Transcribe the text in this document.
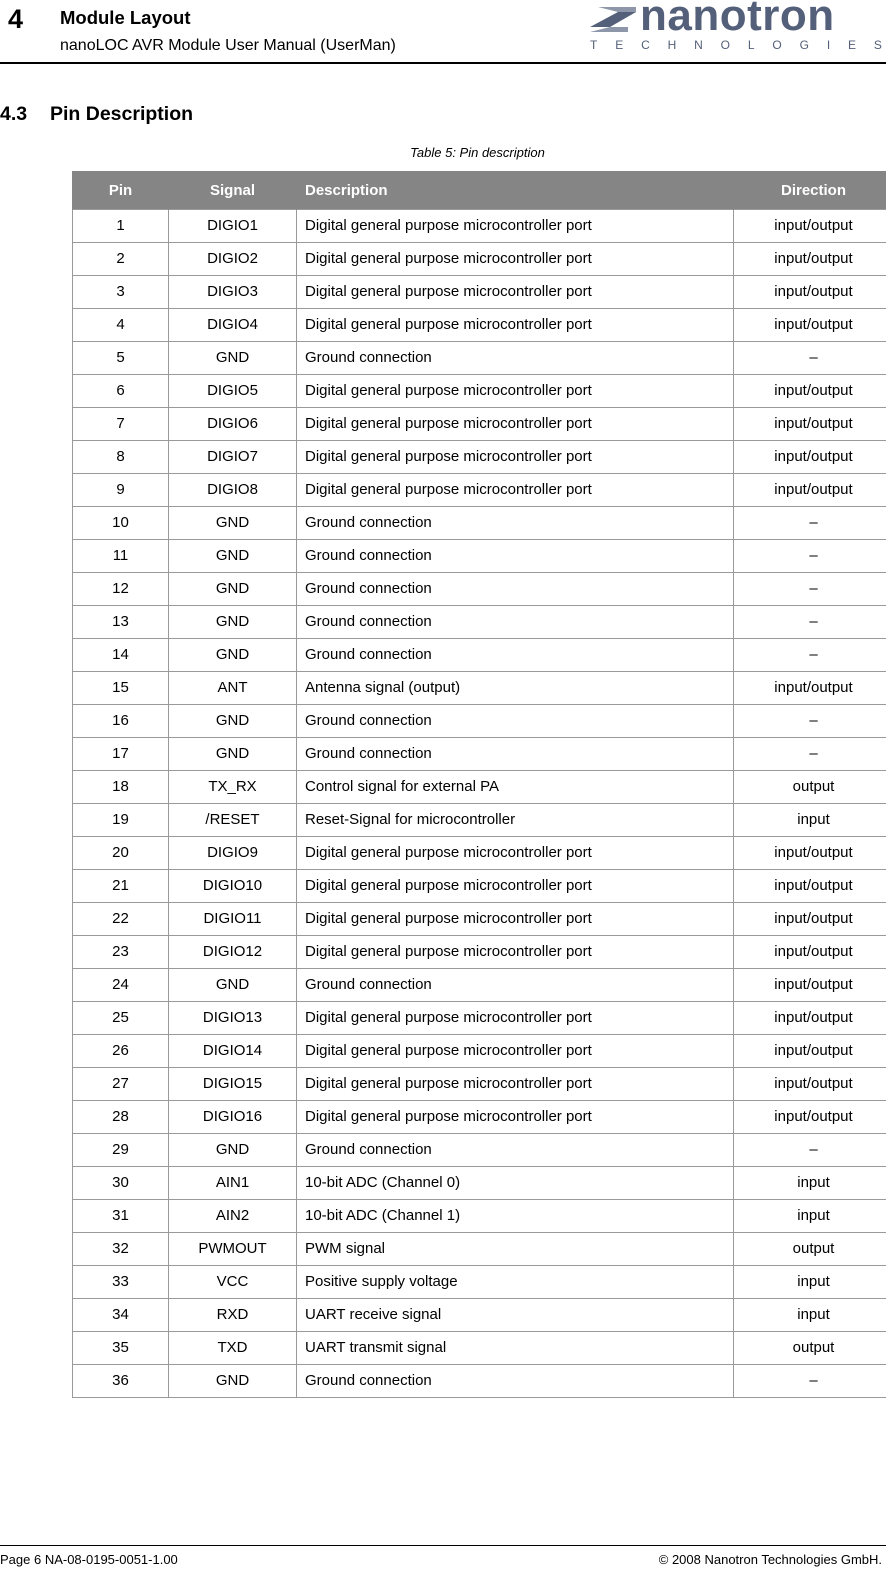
4 Module Layout
nanoLOC AVR Module User Manual (UserMan)
nanotron
T E C H N O L O G I E S
4.3 Pin Description
Table 5: Pin description
Pin	Signal	Description	Direction
1	DIGIO1	Digital general purpose microcontroller port	input/output
2	DIGIO2	Digital general purpose microcontroller port	input/output
3	DIGIO3	Digital general purpose microcontroller port	input/output
4	DIGIO4	Digital general purpose microcontroller port	input/output
5	GND	Ground connection	–
6	DIGIO5	Digital general purpose microcontroller port	input/output
7	DIGIO6	Digital general purpose microcontroller port	input/output
8	DIGIO7	Digital general purpose microcontroller port	input/output
9	DIGIO8	Digital general purpose microcontroller port	input/output
10	GND	Ground connection	–
11	GND	Ground connection	–
12	GND	Ground connection	–
13	GND	Ground connection	–
14	GND	Ground connection	–
15	ANT	Antenna signal (output)	input/output
16	GND	Ground connection	–
17	GND	Ground connection	–
18	TX_RX	Control signal for external PA	output
19	/RESET	Reset-Signal for microcontroller	input
20	DIGIO9	Digital general purpose microcontroller port	input/output
21	DIGIO10	Digital general purpose microcontroller port	input/output
22	DIGIO11	Digital general purpose microcontroller port	input/output
23	DIGIO12	Digital general purpose microcontroller port	input/output
24	GND	Ground connection	input/output
25	DIGIO13	Digital general purpose microcontroller port	input/output
26	DIGIO14	Digital general purpose microcontroller port	input/output
27	DIGIO15	Digital general purpose microcontroller port	input/output
28	DIGIO16	Digital general purpose microcontroller port	input/output
29	GND	Ground connection	–
30	AIN1	10-bit ADC (Channel 0)	input
31	AIN2	10-bit ADC (Channel 1)	input
32	PWMOUT	PWM signal	output
33	VCC	Positive supply voltage	input
34	RXD	UART receive signal	input
35	TXD	UART transmit signal	output
36	GND	Ground connection	–
Page 6 NA-08-0195-0051-1.00	© 2008 Nanotron Technologies GmbH.
